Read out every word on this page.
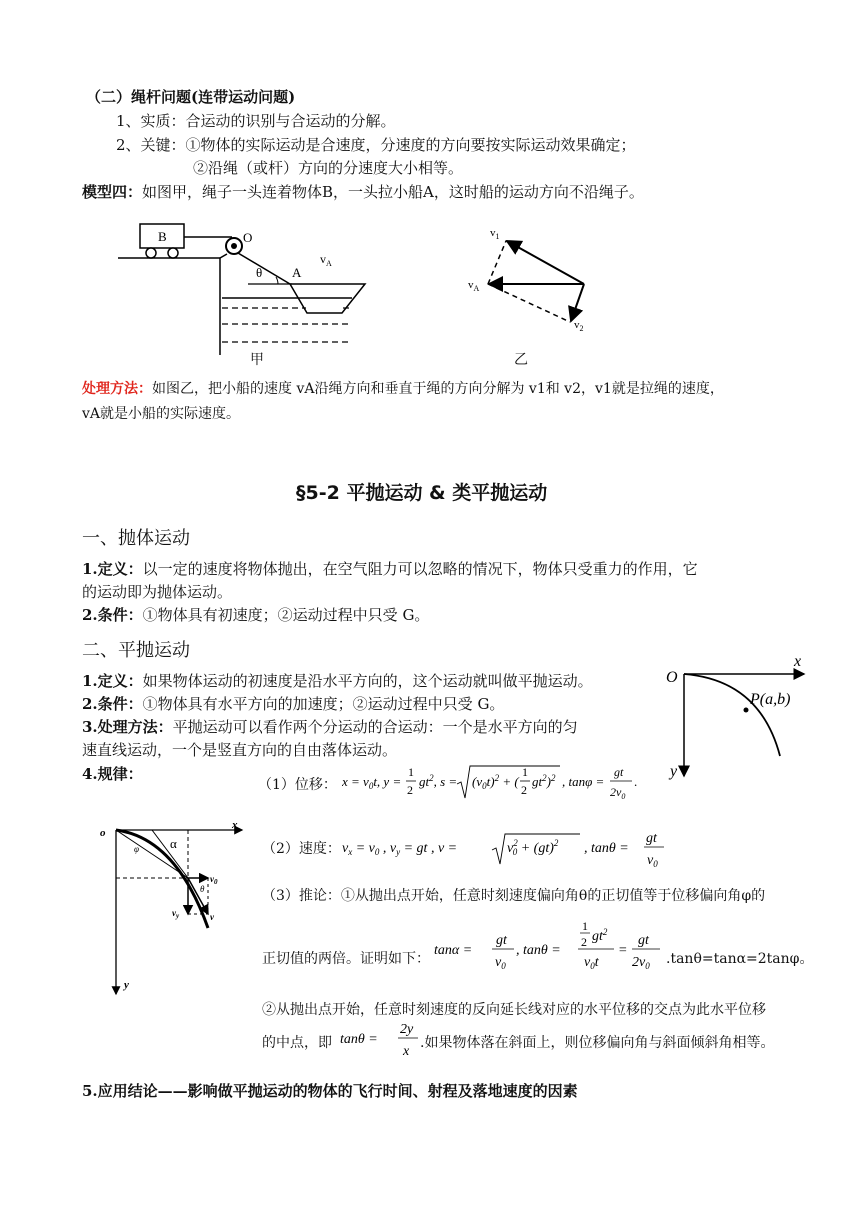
（二）绳杆问题(连带运动问题)
1、实质：合运动的识别与合运动的分解。
2、关键：①物体的实际运动是合速度，分速度的方向要按实际运动效果确定；
②沿绳（或杆）方向的分速度大小相等。
模型四：如图甲，绳子一头连着物体B，一头拉小船A，这时船的运动方向不沿绳子。
B	O
θ A
$v_A$
甲
$v_1$
$v_A$
$v_2$
乙
处理方法：如图乙，把小船的速度 vA沿绳方向和垂直于绳的方向分解为 v1和 v2，v1就是拉绳的速度，
vA就是小船的实际速度。
§5-2 平抛运动 & 类平抛运动
一、抛体运动
1.定义：以一定的速度将物体抛出，在空气阻力可以忽略的情况下，物体只受重力的作用，它
的运动即为抛体运动。
2.条件：①物体具有初速度；②运动过程中只受 G。
二、平抛运动
1.定义：如果物体运动的初速度是沿水平方向的，这个运动就叫做平抛运动。
2.条件：①物体具有水平方向的加速度；②运动过程中只受 G。
3.处理方法：平抛运动可以看作两个分运动的合运动：一个是水平方向的匀
速直线运动，一个是竖直方向的自由落体运动。
4.规律：
O
x
y
P(a,b)
（1）位移： $x = v_0t$, y =
1
2
$gt^2$, $s = (v_0t)^2$ + (
1
2
$gt^2)^2$ , tanφ =
gt
$2v_0$
.
o
x
y
α
φ
θ
$v_0$
$v_y$	v
（2）速度： $v_x = v_0$ , $v_y$ = gt , v =	$v^2$ 0 + (gt)$^2$ , tanθ =
gt
$v_0$
（3）推论：①从抛出点开始，任意时刻速度偏向角θ的正切值等于位移偏向角φ的
正切值的两倍。证明如下：
tanα =
gt
$v_0$
, tanθ =
1
2 $gt^2$
$v_0t$
=
gt
$2v_0$ .tanθ=tanα=2tanφ。
②从抛出点开始，任意时刻速度的反向延长线对应的水平位移的交点为此水平位移
的中点，即 tanθ =
2y
x
.如果物体落在斜面上，则位移偏向角与斜面倾斜角相等。
5.应用结论——影响做平抛运动的物体的飞行时间、射程及落地速度的因素
